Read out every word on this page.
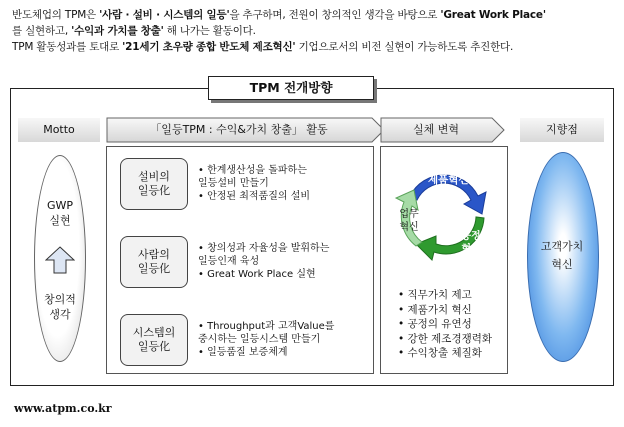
반도체업의 TPM은 '사람 · 설비 · 시스템의 일등'을 추구하며, 전원이 창의적인 생각을 바탕으로 'Great Work Place'
를 실현하고, '수익과 가치를 창출' 해 나가는 활동이다.
TPM 활동성과를 토대로 '21세기 초우량 종합 반도체 제조혁신' 기업으로서의 비전 실현이 가능하도록 추진한다.
TPM 전개방향
Motto
GWP
실현
창의적
생각
「일등TPM : 수익&가치 창출」 활동
설비의
일등化
• 한계생산성을 돌파하는
일등설비 만들기
• 안정된 최적품질의 설비
사람의
일등化
• 창의성과 자율성을 발휘하는
일등인재 육성
• Great Work Place 실현
시스템의
일등化
• Throughput과 고객Value를
중시하는 일등시스템 만들기
• 일등품질 보증체계
실체 변혁
제품혁신
업무
혁신
공정
혁신
• 직무가치 제고
• 제품가치 혁신
• 공정의 유연성
• 강한 제조경쟁력화
• 수익창출 체질화
지향점
고객가치
혁신
www.atpm.co.kr
